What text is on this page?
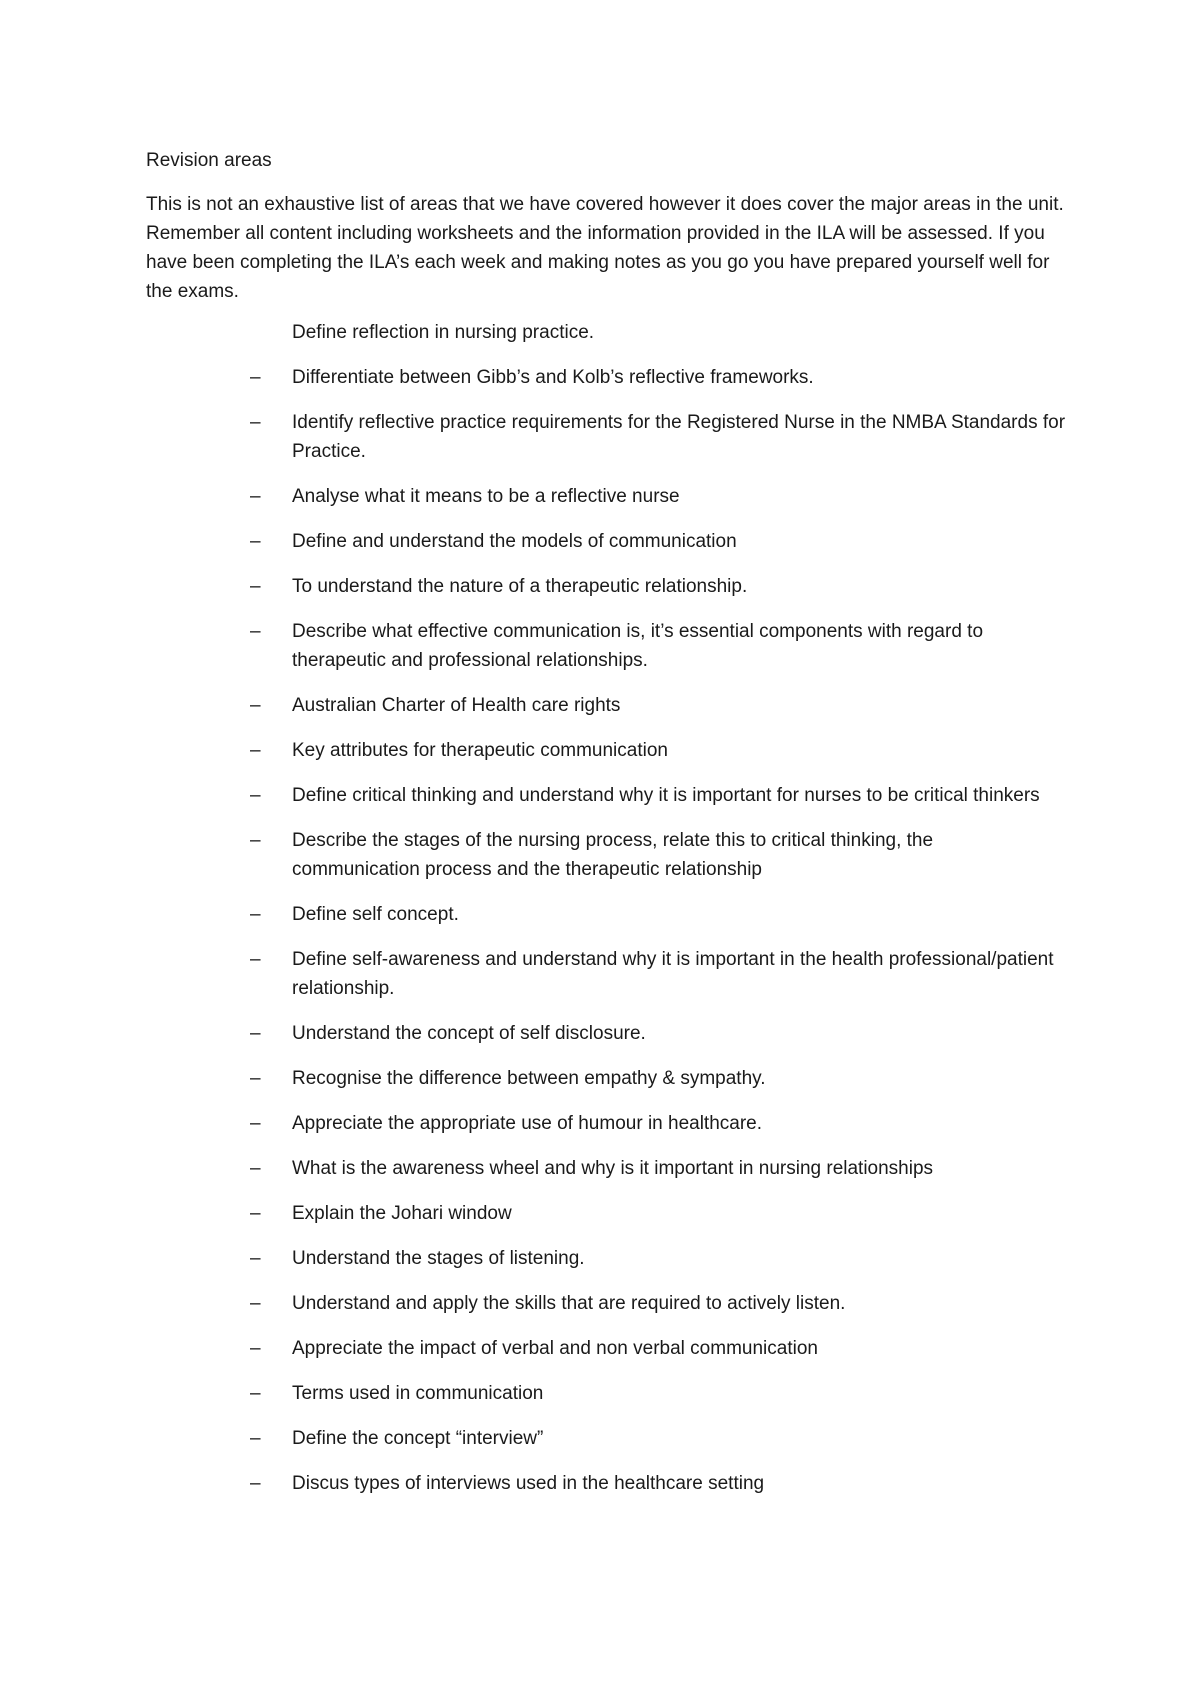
Revision areas
This is not an exhaustive list of areas that we have covered however it does cover the major areas in the unit. Remember all content including worksheets and the information provided in the ILA will be assessed. If you have been completing the ILA’s each week and making notes as you go you have prepared yourself well for the exams.
Define reflection in nursing practice.
– Differentiate between Gibb’s and Kolb’s reflective frameworks.
– Identify reflective practice requirements for the Registered Nurse in the NMBA Standards for Practice.
– Analyse what it means to be a reflective nurse
– Define and understand the models of communication
– To understand the nature of a therapeutic relationship.
– Describe what effective communication is, it’s essential components with regard to therapeutic and professional relationships.
– Australian Charter of Health care rights
– Key attributes for therapeutic communication
– Define critical thinking and understand why it is important for nurses to be critical thinkers
– Describe the stages of the nursing process, relate this to critical thinking, the communication process and the therapeutic relationship
– Define self concept.
– Define self-awareness and understand why it is important in the health professional/patient relationship.
– Understand the concept of self disclosure.
– Recognise the difference between empathy & sympathy.
– Appreciate the appropriate use of humour in healthcare.
– What is the awareness wheel and why is it important in nursing relationships
– Explain the Johari window
– Understand the stages of listening.
– Understand and apply the skills that are required to actively listen.
– Appreciate the impact of verbal and non verbal communication
– Terms used in communication
– Define the concept “interview”
– Discus types of interviews used in the healthcare setting
